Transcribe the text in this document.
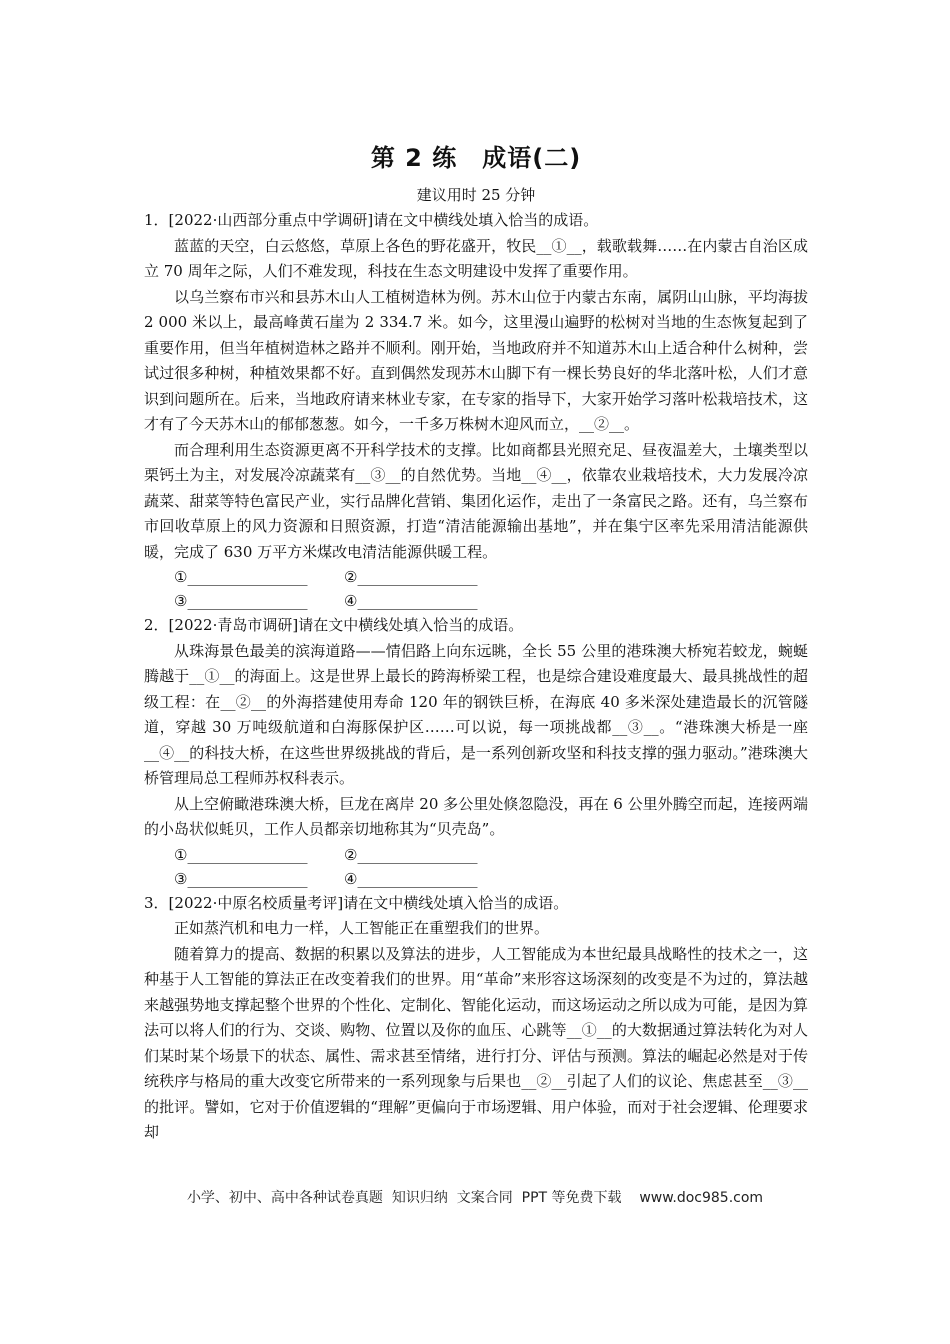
第 2 练　成语(二)
建议用时 25 分钟

1．[2022·山西部分重点中学调研]请在文中横线处填入恰当的成语。

蓝蓝的天空，白云悠悠，草原上各色的野花盛开，牧民__①__，载歌载舞……在内蒙古自治区成立 70 周年之际，人们不难发现，科技在生态文明建设中发挥了重要作用。

以乌兰察布市兴和县苏木山人工植树造林为例。苏木山位于内蒙古东南，属阴山山脉，平均海拔 2 000 米以上，最高峰黄石崖为 2 334.7 米。如今，这里漫山遍野的松树对当地的生态恢复起到了重要作用，但当年植树造林之路并不顺利。刚开始，当地政府并不知道苏木山上适合种什么树种，尝试过很多种树，种植效果都不好。直到偶然发现苏木山脚下有一棵长势良好的华北落叶松，人们才意识到问题所在。后来，当地政府请来林业专家，在专家的指导下，大家开始学习落叶松栽培技术，这才有了今天苏木山的郁郁葱葱。如今，一千多万株树木迎风而立，__②__。

而合理利用生态资源更离不开科学技术的支撑。比如商都县光照充足、昼夜温差大，土壤类型以栗钙土为主，对发展冷凉蔬菜有__③__的自然优势。当地__④__，依靠农业栽培技术，大力发展冷凉蔬菜、甜菜等特色富民产业，实行品牌化营销、集团化运作，走出了一条富民之路。还有，乌兰察布市回收草原上的风力资源和日照资源，打造“清洁能源输出基地”，并在集宁区率先采用清洁能源供暖，完成了 630 万平方米煤改电清洁能源供暖工程。

①________________ ②________________
③________________ ④________________

2．[2022·青岛市调研]请在文中横线处填入恰当的成语。

从珠海景色最美的滨海道路——情侣路上向东远眺，全长 55 公里的港珠澳大桥宛若蛟龙，蜿蜒腾越于__①__的海面上。这是世界上最长的跨海桥梁工程，也是综合建设难度最大、最具挑战性的超级工程：在__②__的外海搭建使用寿命 120 年的钢铁巨桥，在海底 40 多米深处建造最长的沉管隧道，穿越 30 万吨级航道和白海豚保护区……可以说，每一项挑战都__③__。“港珠澳大桥是一座__④__的科技大桥，在这些世界级挑战的背后，是一系列创新攻坚和科技支撑的强力驱动。”港珠澳大桥管理局总工程师苏权科表示。

从上空俯瞰港珠澳大桥，巨龙在离岸 20 多公里处倏忽隐没，再在 6 公里外腾空而起，连接两端的小岛状似蚝贝，工作人员都亲切地称其为“贝壳岛”。

①________________ ②________________
③________________ ④________________

3．[2022·中原名校质量考评]请在文中横线处填入恰当的成语。

正如蒸汽机和电力一样，人工智能正在重塑我们的世界。

随着算力的提高、数据的积累以及算法的进步，人工智能成为本世纪最具战略性的技术之一，这种基于人工智能的算法正在改变着我们的世界。用“革命”来形容这场深刻的改变是不为过的，算法越来越强势地支撑起整个世界的个性化、定制化、智能化运动，而这场运动之所以成为可能，是因为算法可以将人们的行为、交谈、购物、位置以及你的血压、心跳等__①__的大数据通过算法转化为对人们某时某个场景下的状态、属性、需求甚至情绪，进行打分、评估与预测。算法的崛起必然是对于传统秩序与格局的重大改变它所带来的一系列现象与后果也__②__引起了人们的议论、焦虑甚至__③__的批评。譬如，它对于价值逻辑的“理解”更偏向于市场逻辑、用户体验，而对于社会逻辑、伦理要求却

小学、初中、高中各种试卷真题  知识归纳  文案合同  PPT 等免费下载    www.doc985.com
